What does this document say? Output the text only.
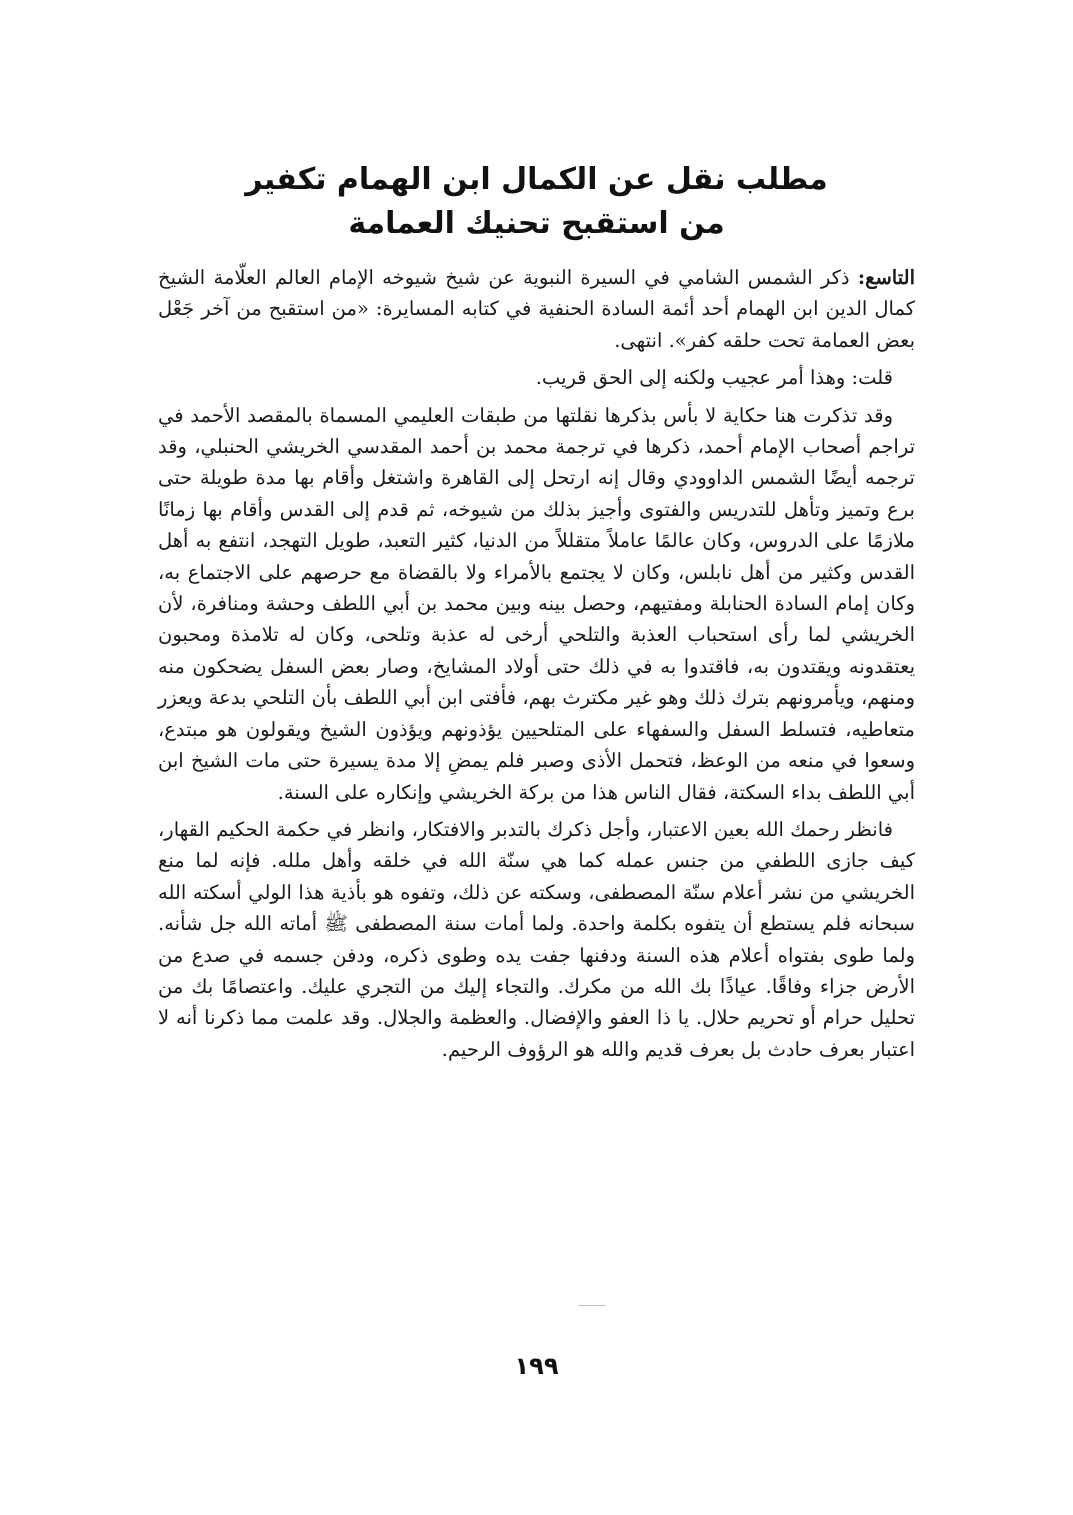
مطلب نقل عن الكمال ابن الهمام تكفير
من استقبح تحنيك العمامة

التاسع: ذكر الشمس الشامي في السيرة النبوية عن شيخ شيوخه الإمام العالم العلّامة الشيخ كمال الدين ابن الهمام أحد أئمة السادة الحنفية في كتابه المسايرة: «من استقبح من آخر جَعْل بعض العمامة تحت حلقه كفر». انتهى.

قلت: وهذا أمر عجيب ولكنه إلى الحق قريب.

وقد تذكرت هنا حكاية لا بأس بذكرها نقلتها من طبقات العليمي المسماة بالمقصد الأحمد في تراجم أصحاب الإمام أحمد، ذكرها في ترجمة محمد بن أحمد المقدسي الخريشي الحنبلي، وقد ترجمه أيضًا الشمس الداوودي وقال إنه ارتحل إلى القاهرة واشتغل وأقام بها مدة طويلة حتى برع وتميز وتأهل للتدريس والفتوى وأجيز بذلك من شيوخه، ثم قدم إلى القدس وأقام بها زمانًا ملازمًا على الدروس، وكان عالمًا عاملاً متقللاً من الدنيا، كثير التعبد، طويل التهجد، انتفع به أهل القدس وكثير من أهل نابلس، وكان لا يجتمع بالأمراء ولا بالقضاة مع حرصهم على الاجتماع به، وكان إمام السادة الحنابلة ومفتيهم، وحصل بينه وبين محمد بن أبي اللطف وحشة ومنافرة، لأن الخريشي لما رأى استحباب العذبة والتلحي أرخى له عذبة وتلحى، وكان له تلامذة ومحبون يعتقدونه ويقتدون به، فاقتدوا به في ذلك حتى أولاد المشايخ، وصار بعض السفل يضحكون منه ومنهم، ويأمرونهم بترك ذلك وهو غير مكترث بهم، فأفتى ابن أبي اللطف بأن التلحي بدعة ويعزر متعاطيه، فتسلط السفل والسفهاء على المتلحيين يؤذونهم ويؤذون الشيخ ويقولون هو مبتدع، وسعوا في منعه من الوعظ، فتحمل الأذى وصبر فلم يمضِ إلا مدة يسيرة حتى مات الشيخ ابن أبي اللطف بداء السكتة، فقال الناس هذا من بركة الخريشي وإنكاره على السنة.

فانظر رحمك الله بعين الاعتبار، وأجل ذكرك بالتدبر والافتكار، وانظر في حكمة الحكيم القهار، كيف جازى اللطفي من جنس عمله كما هي سنّة الله في خلقه وأهل ملله. فإنه لما منع الخريشي من نشر أعلام سنّة المصطفى، وسكته عن ذلك، وتفوه هو بأذية هذا الولي أسكته الله سبحانه فلم يستطع أن يتفوه بكلمة واحدة. ولما أمات سنة المصطفى ﷺ أماته الله جل شأنه. ولما طوى بفتواه أعلام هذه السنة ودفنها جفت يده وطوى ذكره، ودفن جسمه في صدع من الأرض جزاء وفاقًا. عياذًا بك الله من مكرك. والتجاء إليك من التجري عليك. واعتصامًا بك من تحليل حرام أو تحريم حلال. يا ذا العفو والإفضال. والعظمة والجلال. وقد علمت مما ذكرنا أنه لا اعتبار بعرف حادث بل بعرف قديم والله هو الرؤوف الرحيم.

١٩٩
